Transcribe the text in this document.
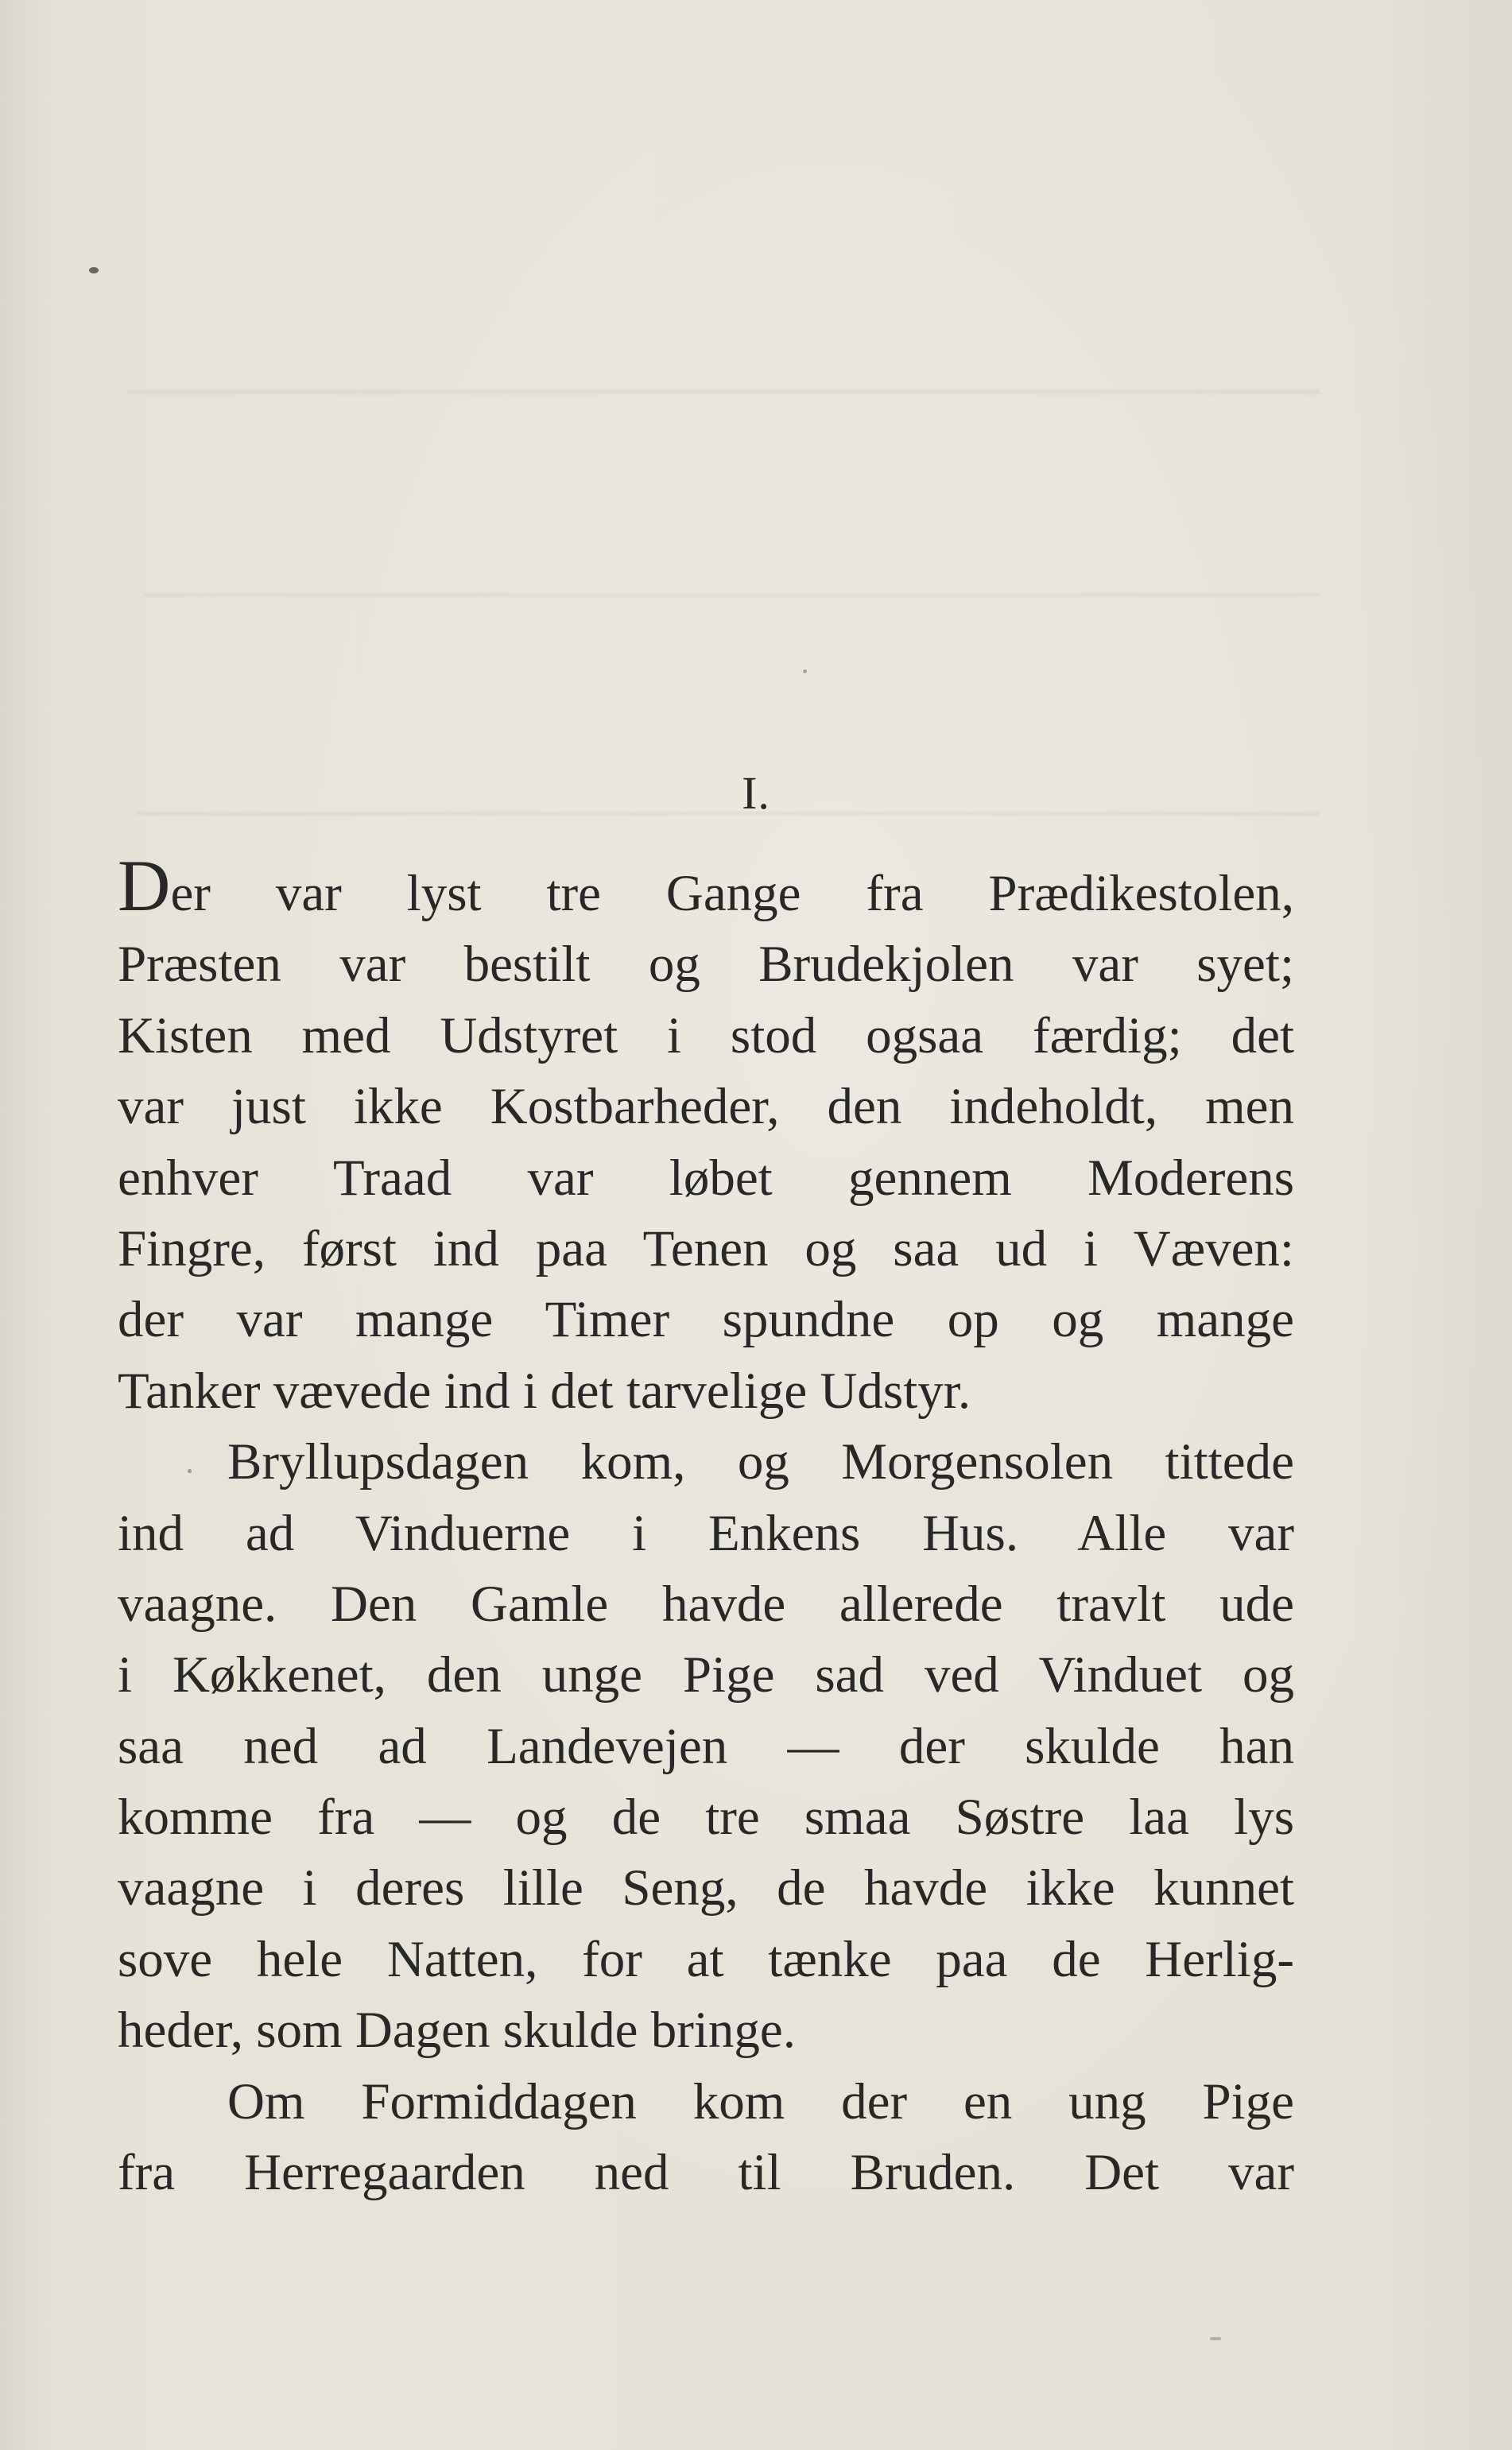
I.
Der var lyst tre Gange fra Prædikestolen,
Præsten var bestilt og Brudekjolen var syet;
Kisten med Udstyret i stod ogsaa færdig; det
var just ikke Kostbarheder, den indeholdt, men
enhver Traad var løbet gennem Moderens
Fingre, først ind paa Tenen og saa ud i Væven:
der var mange Timer spundne op og mange
Tanker vævede ind i det tarvelige Udstyr.
Bryllupsdagen kom, og Morgensolen tittede
ind ad Vinduerne i Enkens Hus. Alle var
vaagne. Den Gamle havde allerede travlt ude
i Køkkenet, den unge Pige sad ved Vinduet og
saa ned ad Landevejen — der skulde han
komme fra — og de tre smaa Søstre laa lys
vaagne i deres lille Seng, de havde ikke kunnet
sove hele Natten, for at tænke paa de Herlig-
heder, som Dagen skulde bringe.
Om Formiddagen kom der en ung Pige
fra Herregaarden ned til Bruden. Det var
